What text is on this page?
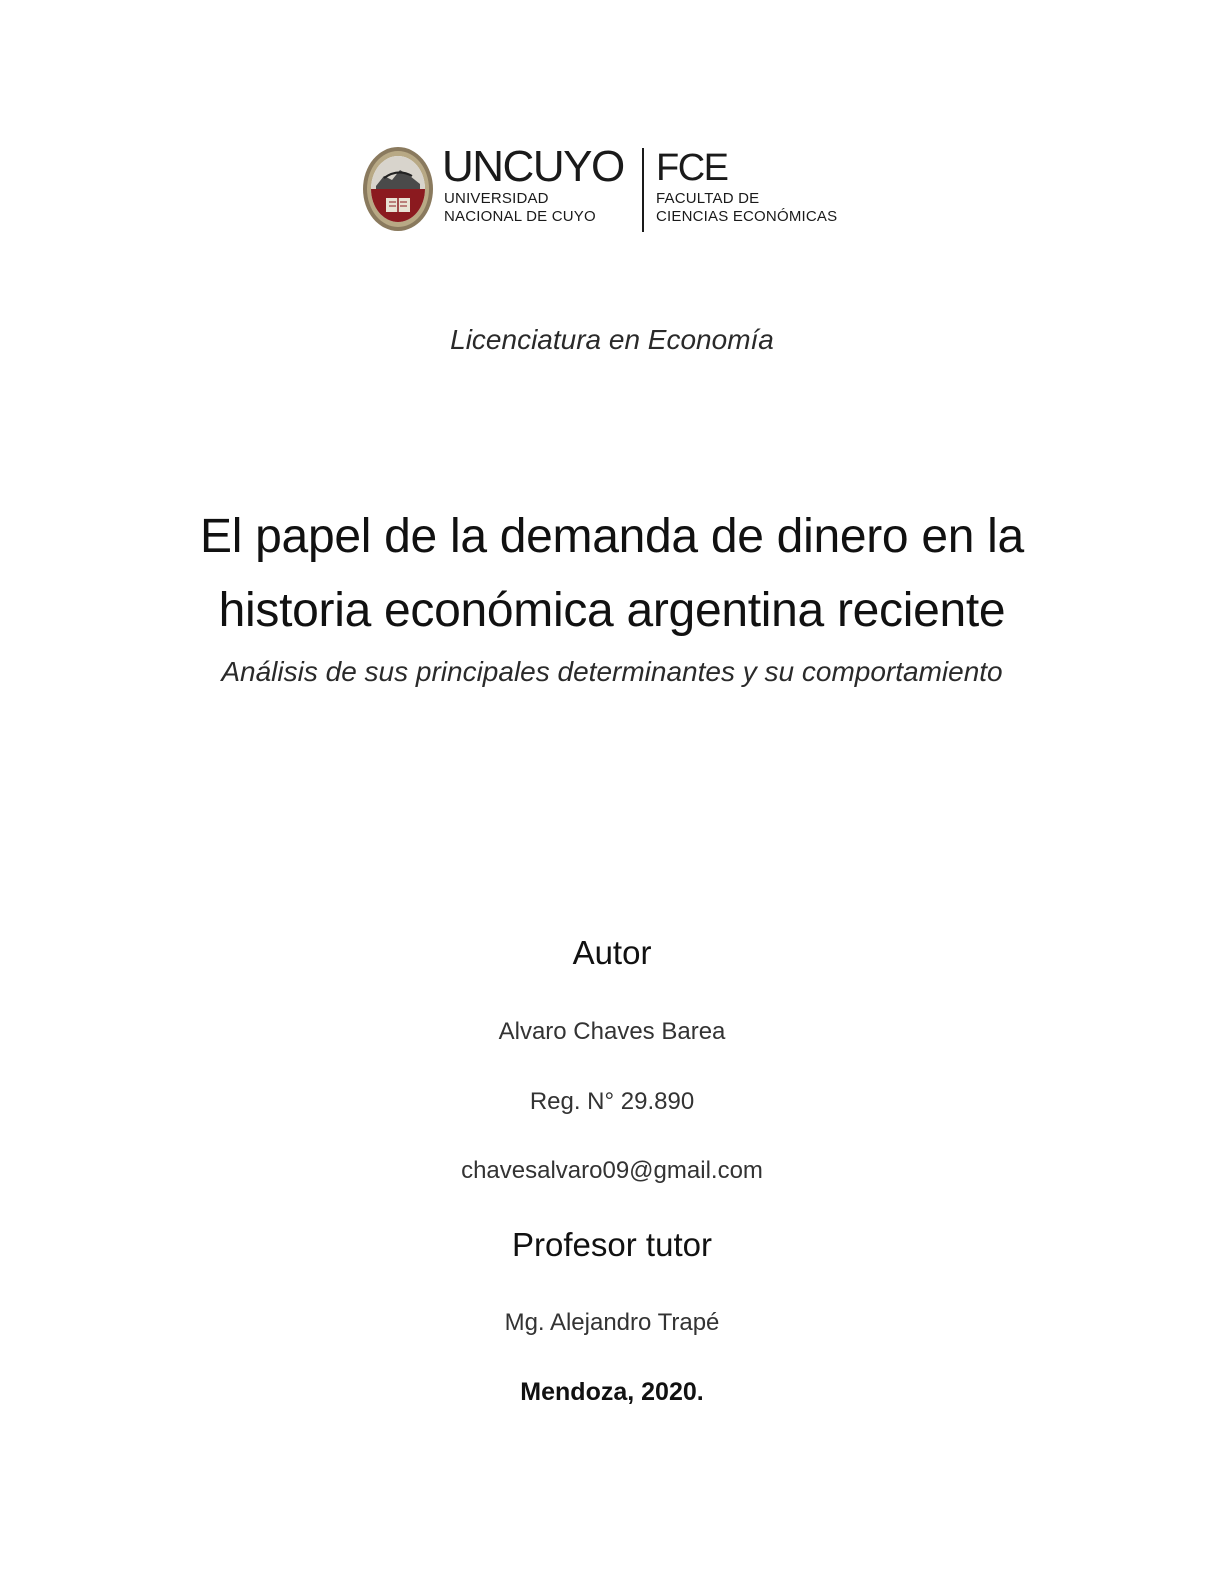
UNCUYO
UNIVERSIDAD
NACIONAL DE CUYO
FCE
FACULTAD DE
CIENCIAS ECONÓMICAS
Licenciatura en Economía
El papel de la demanda de dinero en la
historia económica argentina reciente
Análisis de sus principales determinantes y su comportamiento
Autor
Alvaro Chaves Barea
Reg. N° 29.890
chavesalvaro09@gmail.com
Profesor tutor
Mg. Alejandro Trapé
Mendoza, 2020.
